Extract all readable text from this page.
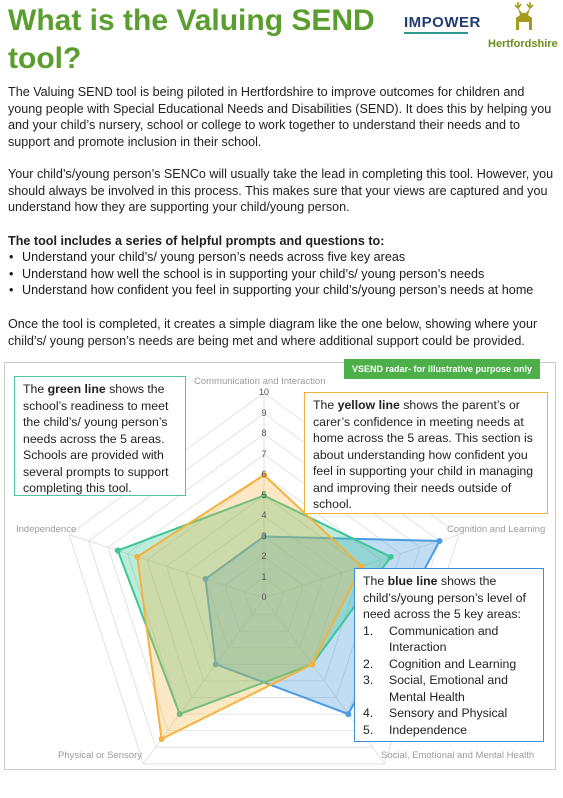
What is the Valuing SEND tool?
IMPOWER
Hertfordshire

The Valuing SEND tool is being piloted in Hertfordshire to improve outcomes for children and young people with Special Educational Needs and Disabilities (SEND). It does this by helping you and your child’s nursery, school or college to work together to understand their needs and to support and promote inclusion in their school.

Your child’s/young person’s SENCo will usually take the lead in completing this tool. However, you should always be involved in this process. This makes sure that your views are captured and you understand how they are supporting your child/young person.

The tool includes a series of helpful prompts and questions to:

• Understand your child’s/ young person’s needs across five key areas
• Understand how well the school is in supporting your child’s/ young person’s needs
• Understand how confident you feel in supporting your child’s/young person’s needs at home

Once the tool is completed, it creates a simple diagram like the one below, showing where your child’s/ young person’s needs are being met and where additional support could be provided.

VSEND radar- for illustrative purpose only
Communication and Interaction
Cognition and Learning
Social, Emotional and Mental Health
Physical or Sensory
Independence
0
1
2
3
4
5
6
7
8
9
10
The green line shows the school’s readiness to meet the child’s/ young person’s needs across the 5 areas. Schools are provided with several prompts to support completing this tool.
The yellow line shows the parent’s or carer’s confidence in meeting needs at home across the 5 areas. This section is about understanding how confident you feel in supporting your child in managing and improving their needs outside of school.
The blue line shows the child’s/young person’s level of need across the 5 key areas:
1.	Communication and Interaction
2.	Cognition and Learning
3.	Social, Emotional and Mental Health
4.	Sensory and Physical
5.	Independence
